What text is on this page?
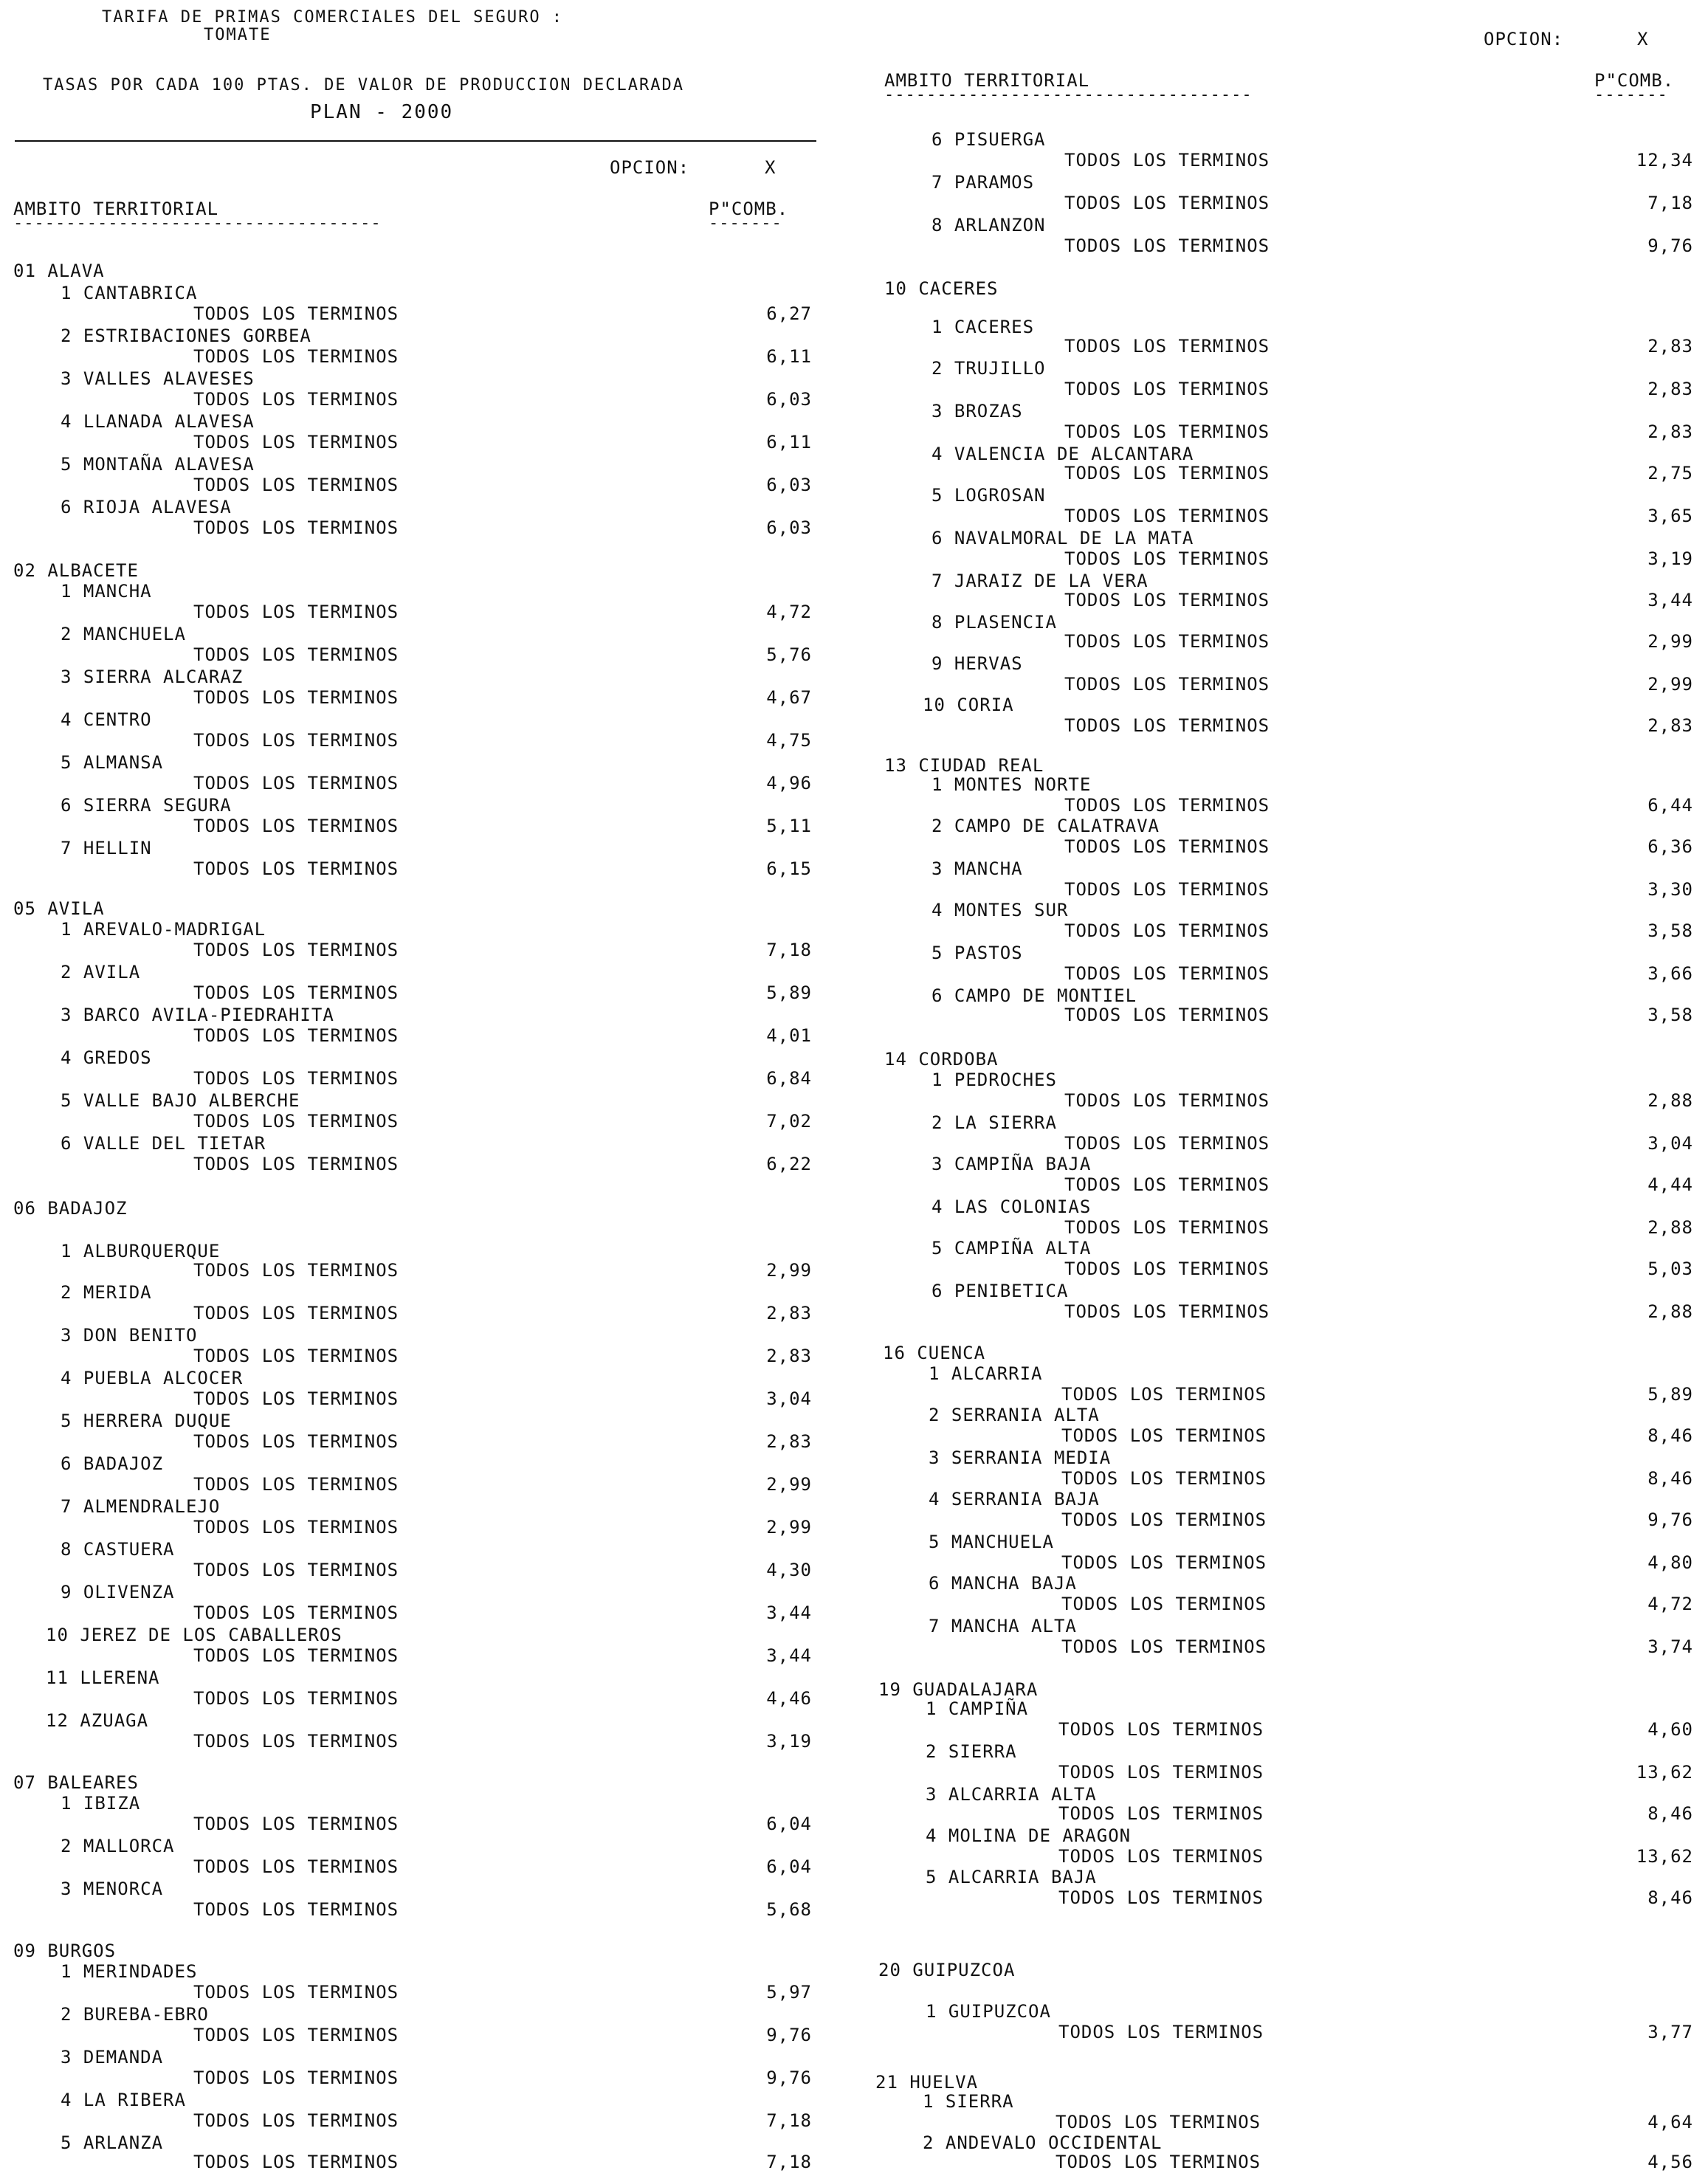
TARIFA DE PRIMAS COMERCIALES DEL SEGURO :
TOMATE
TASAS POR CADA 100 PTAS. DE VALOR DE PRODUCCION DECLARADA
PLAN - 2000
OPCION:	X
AMBITO TERRITORIAL	P"COMB.
-----------------------------------	-------
OPCION:	X
AMBITO TERRITORIAL	P"COMB.
-----------------------------------	-------
01 ALAVA
1 CANTABRICA
TODOS LOS TERMINOS	6,27
2 ESTRIBACIONES GORBEA
TODOS LOS TERMINOS	6,11
3 VALLES ALAVESES
TODOS LOS TERMINOS	6,03
4 LLANADA ALAVESA
TODOS LOS TERMINOS	6,11
5 MONTAÑA ALAVESA
TODOS LOS TERMINOS	6,03
6 RIOJA ALAVESA
TODOS LOS TERMINOS	6,03
02 ALBACETE
1 MANCHA
TODOS LOS TERMINOS	4,72
2 MANCHUELA
TODOS LOS TERMINOS	5,76
3 SIERRA ALCARAZ
TODOS LOS TERMINOS	4,67
4 CENTRO
TODOS LOS TERMINOS	4,75
5 ALMANSA
TODOS LOS TERMINOS	4,96
6 SIERRA SEGURA
TODOS LOS TERMINOS	5,11
7 HELLIN
TODOS LOS TERMINOS	6,15
05 AVILA
1 AREVALO-MADRIGAL
TODOS LOS TERMINOS	7,18
2 AVILA
TODOS LOS TERMINOS	5,89
3 BARCO AVILA-PIEDRAHITA
TODOS LOS TERMINOS	4,01
4 GREDOS
TODOS LOS TERMINOS	6,84
5 VALLE BAJO ALBERCHE
TODOS LOS TERMINOS	7,02
6 VALLE DEL TIETAR
TODOS LOS TERMINOS	6,22
06 BADAJOZ
1 ALBURQUERQUE
TODOS LOS TERMINOS	2,99
2 MERIDA
TODOS LOS TERMINOS	2,83
3 DON BENITO
TODOS LOS TERMINOS	2,83
4 PUEBLA ALCOCER
TODOS LOS TERMINOS	3,04
5 HERRERA DUQUE
TODOS LOS TERMINOS	2,83
6 BADAJOZ
TODOS LOS TERMINOS	2,99
7 ALMENDRALEJO
TODOS LOS TERMINOS	2,99
8 CASTUERA
TODOS LOS TERMINOS	4,30
9 OLIVENZA
TODOS LOS TERMINOS	3,44
10 JEREZ DE LOS CABALLEROS
TODOS LOS TERMINOS	3,44
11 LLERENA
TODOS LOS TERMINOS	4,46
12 AZUAGA
TODOS LOS TERMINOS	3,19
07 BALEARES
1 IBIZA
TODOS LOS TERMINOS	6,04
2 MALLORCA
TODOS LOS TERMINOS	6,04
3 MENORCA
TODOS LOS TERMINOS	5,68
09 BURGOS
1 MERINDADES
TODOS LOS TERMINOS	5,97
2 BUREBA-EBRO
TODOS LOS TERMINOS	9,76
3 DEMANDA
TODOS LOS TERMINOS	9,76
4 LA RIBERA
TODOS LOS TERMINOS	7,18
5 ARLANZA
TODOS LOS TERMINOS	7,18
6 PISUERGA
TODOS LOS TERMINOS	12,34
7 PARAMOS
TODOS LOS TERMINOS	7,18
8 ARLANZON
TODOS LOS TERMINOS	9,76
10 CACERES
1 CACERES
TODOS LOS TERMINOS	2,83
2 TRUJILLO
TODOS LOS TERMINOS	2,83
3 BROZAS
TODOS LOS TERMINOS	2,83
4 VALENCIA DE ALCANTARA
TODOS LOS TERMINOS	2,75
5 LOGROSAN
TODOS LOS TERMINOS	3,65
6 NAVALMORAL DE LA MATA
TODOS LOS TERMINOS	3,19
7 JARAIZ DE LA VERA
TODOS LOS TERMINOS	3,44
8 PLASENCIA
TODOS LOS TERMINOS	2,99
9 HERVAS
TODOS LOS TERMINOS	2,99
10 CORIA
TODOS LOS TERMINOS	2,83
13 CIUDAD REAL
1 MONTES NORTE
TODOS LOS TERMINOS	6,44
2 CAMPO DE CALATRAVA
TODOS LOS TERMINOS	6,36
3 MANCHA
TODOS LOS TERMINOS	3,30
4 MONTES SUR
TODOS LOS TERMINOS	3,58
5 PASTOS
TODOS LOS TERMINOS	3,66
6 CAMPO DE MONTIEL
TODOS LOS TERMINOS	3,58
14 CORDOBA
1 PEDROCHES
TODOS LOS TERMINOS	2,88
2 LA SIERRA
TODOS LOS TERMINOS	3,04
3 CAMPIÑA BAJA
TODOS LOS TERMINOS	4,44
4 LAS COLONIAS
TODOS LOS TERMINOS	2,88
5 CAMPIÑA ALTA
TODOS LOS TERMINOS	5,03
6 PENIBETICA
TODOS LOS TERMINOS	2,88
16 CUENCA
1 ALCARRIA
TODOS LOS TERMINOS	5,89
2 SERRANIA ALTA
TODOS LOS TERMINOS	8,46
3 SERRANIA MEDIA
TODOS LOS TERMINOS	8,46
4 SERRANIA BAJA
TODOS LOS TERMINOS	9,76
5 MANCHUELA
TODOS LOS TERMINOS	4,80
6 MANCHA BAJA
TODOS LOS TERMINOS	4,72
7 MANCHA ALTA
TODOS LOS TERMINOS	3,74
19 GUADALAJARA
1 CAMPIÑA
TODOS LOS TERMINOS	4,60
2 SIERRA
TODOS LOS TERMINOS	13,62
3 ALCARRIA ALTA
TODOS LOS TERMINOS	8,46
4 MOLINA DE ARAGON
TODOS LOS TERMINOS	13,62
5 ALCARRIA BAJA
TODOS LOS TERMINOS	8,46
20 GUIPUZCOA
1 GUIPUZCOA
TODOS LOS TERMINOS	3,77
21 HUELVA
1 SIERRA
TODOS LOS TERMINOS	4,64
2 ANDEVALO OCCIDENTAL
TODOS LOS TERMINOS	4,56
